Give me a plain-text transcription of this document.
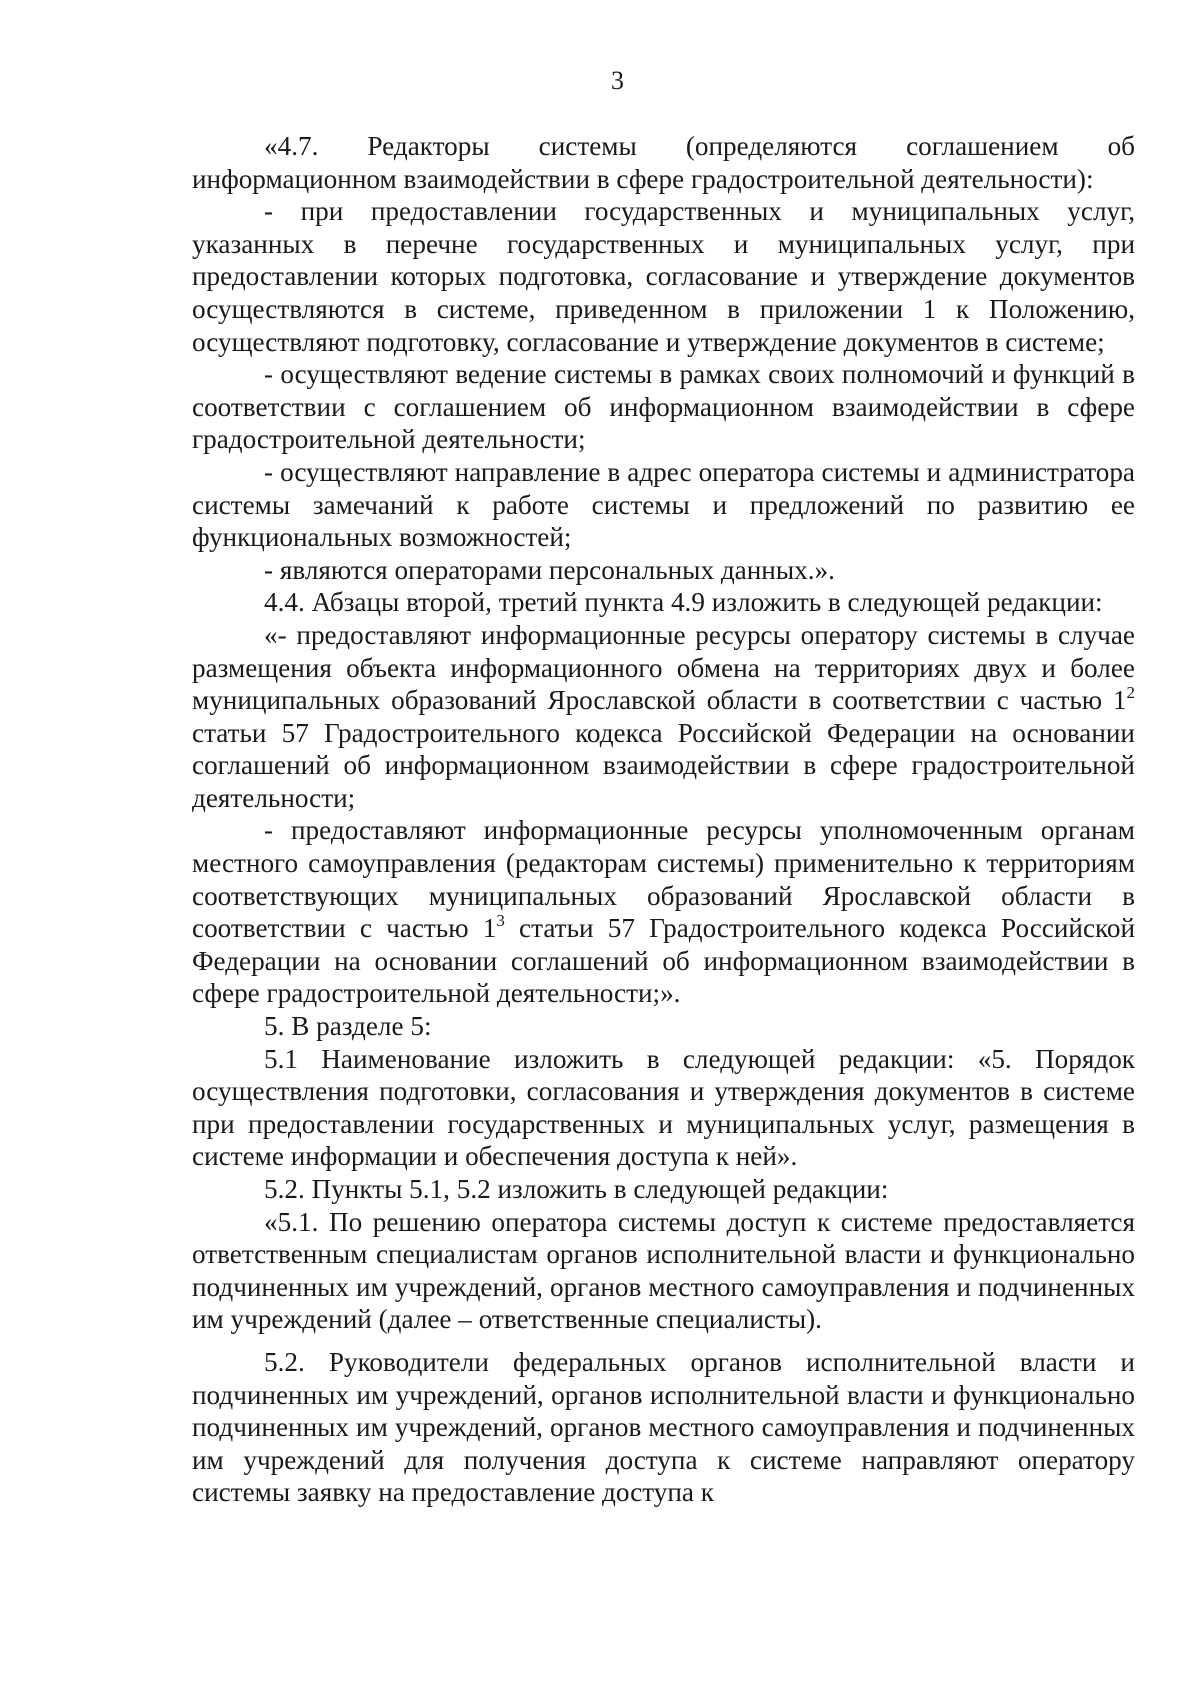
3

«4.7. Редакторы системы (определяются соглашением об информационном взаимодействии в сфере градостроительной деятельности):

- при предоставлении государственных и муниципальных услуг, указанных в перечне государственных и муниципальных услуг, при предоставлении которых подготовка, согласование и утверждение документов осуществляются в системе, приведенном в приложении 1 к Положению, осуществляют подготовку, согласование и утверждение документов в системе;

- осуществляют ведение системы в рамках своих полномочий и функций в соответствии с соглашением об информационном взаимодействии в сфере градостроительной деятельности;

- осуществляют направление в адрес оператора системы и администратора системы замечаний к работе системы и предложений по развитию ее функциональных возможностей;

- являются операторами персональных данных.».

4.4. Абзацы второй, третий пункта 4.9 изложить в следующей редакции:

«- предоставляют информационные ресурсы оператору системы в случае размещения объекта информационного обмена на территориях двух и более муниципальных образований Ярославской области в соответствии с частью $1^2$ статьи 57 Градостроительного кодекса Российской Федерации на основании соглашений об информационном взаимодействии в сфере градостроительной деятельности;

- предоставляют информационные ресурсы уполномоченным органам местного самоуправления (редакторам системы) применительно к территориям соответствующих муниципальных образований Ярославской области в соответствии с частью $1^3$ статьи 57 Градостроительного кодекса Российской Федерации на основании соглашений об информационном взаимодействии в сфере градостроительной деятельности;».

5. В разделе 5:

5.1 Наименование изложить в следующей редакции: «5. Порядок осуществления подготовки, согласования и утверждения документов в системе при предоставлении государственных и муниципальных услуг, размещения в системе информации и обеспечения доступа к ней».

5.2. Пункты 5.1, 5.2 изложить в следующей редакции:

«5.1. По решению оператора системы доступ к системе предоставляется ответственным специалистам органов исполнительной власти и функционально подчиненных им учреждений, органов местного самоуправления и подчиненных им учреждений (далее – ответственные специалисты).

5.2. Руководители федеральных органов исполнительной власти и подчиненных им учреждений, органов исполнительной власти и функционально подчиненных им учреждений, органов местного самоуправления и подчиненных им учреждений для получения доступа к системе направляют оператору системы заявку на предоставление доступа к
